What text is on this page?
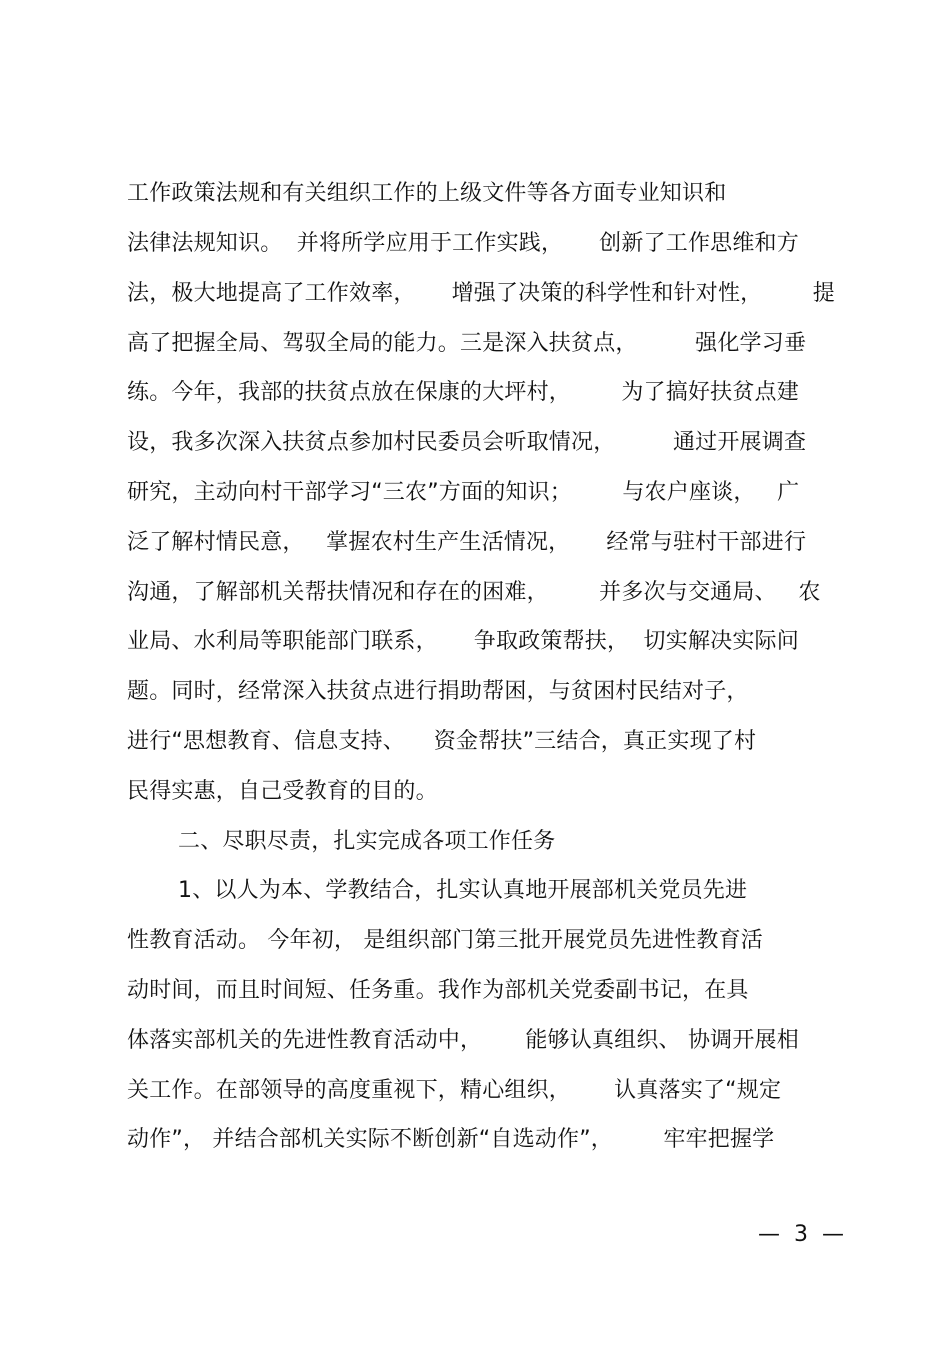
工作政策法规和有关组织工作的上级文件等各方面专业知识和
法律法规知识。  并将所学应用于工作实践，     创新了工作思维和方
法，极大地提高了工作效率，     增强了决策的科学性和针对性，       提
高了把握全局、驾驭全局的能力。三是深入扶贫点，        强化学习垂
练。今年，我部的扶贫点放在保康的大坪村，       为了搞好扶贫点建
设，我多次深入扶贫点参加村民委员会听取情况，        通过开展调查
研究，主动向村干部学习“三农”方面的知识；       与农户座谈，   广
泛了解村情民意，   掌握农村生产生活情况，     经常与驻村干部进行
沟通，了解部机关帮扶情况和存在的困难，       并多次与交通局、   农
业局、水利局等职能部门联系，     争取政策帮扶，  切实解决实际问
题。同时，经常深入扶贫点进行捐助帮困，与贫困村民结对子，
进行“思想教育、信息支持、    资金帮扶”三结合，真正实现了村
民得实惠，自己受教育的目的。
二、尽职尽责，扎实完成各项工作任务
1、以人为本、学教结合，扎实认真地开展部机关党员先进
性教育活动。 今年初， 是组织部门第三批开展党员先进性教育活
动时间，而且时间短、任务重。我作为部机关党委副书记，在具
体落实部机关的先进性教育活动中，      能够认真组织、 协调开展相
关工作。在部领导的高度重视下，精心组织，      认真落实了“规定
动作”， 并结合部机关实际不断创新“自选动作”，       牢牢把握学
—  3  —
